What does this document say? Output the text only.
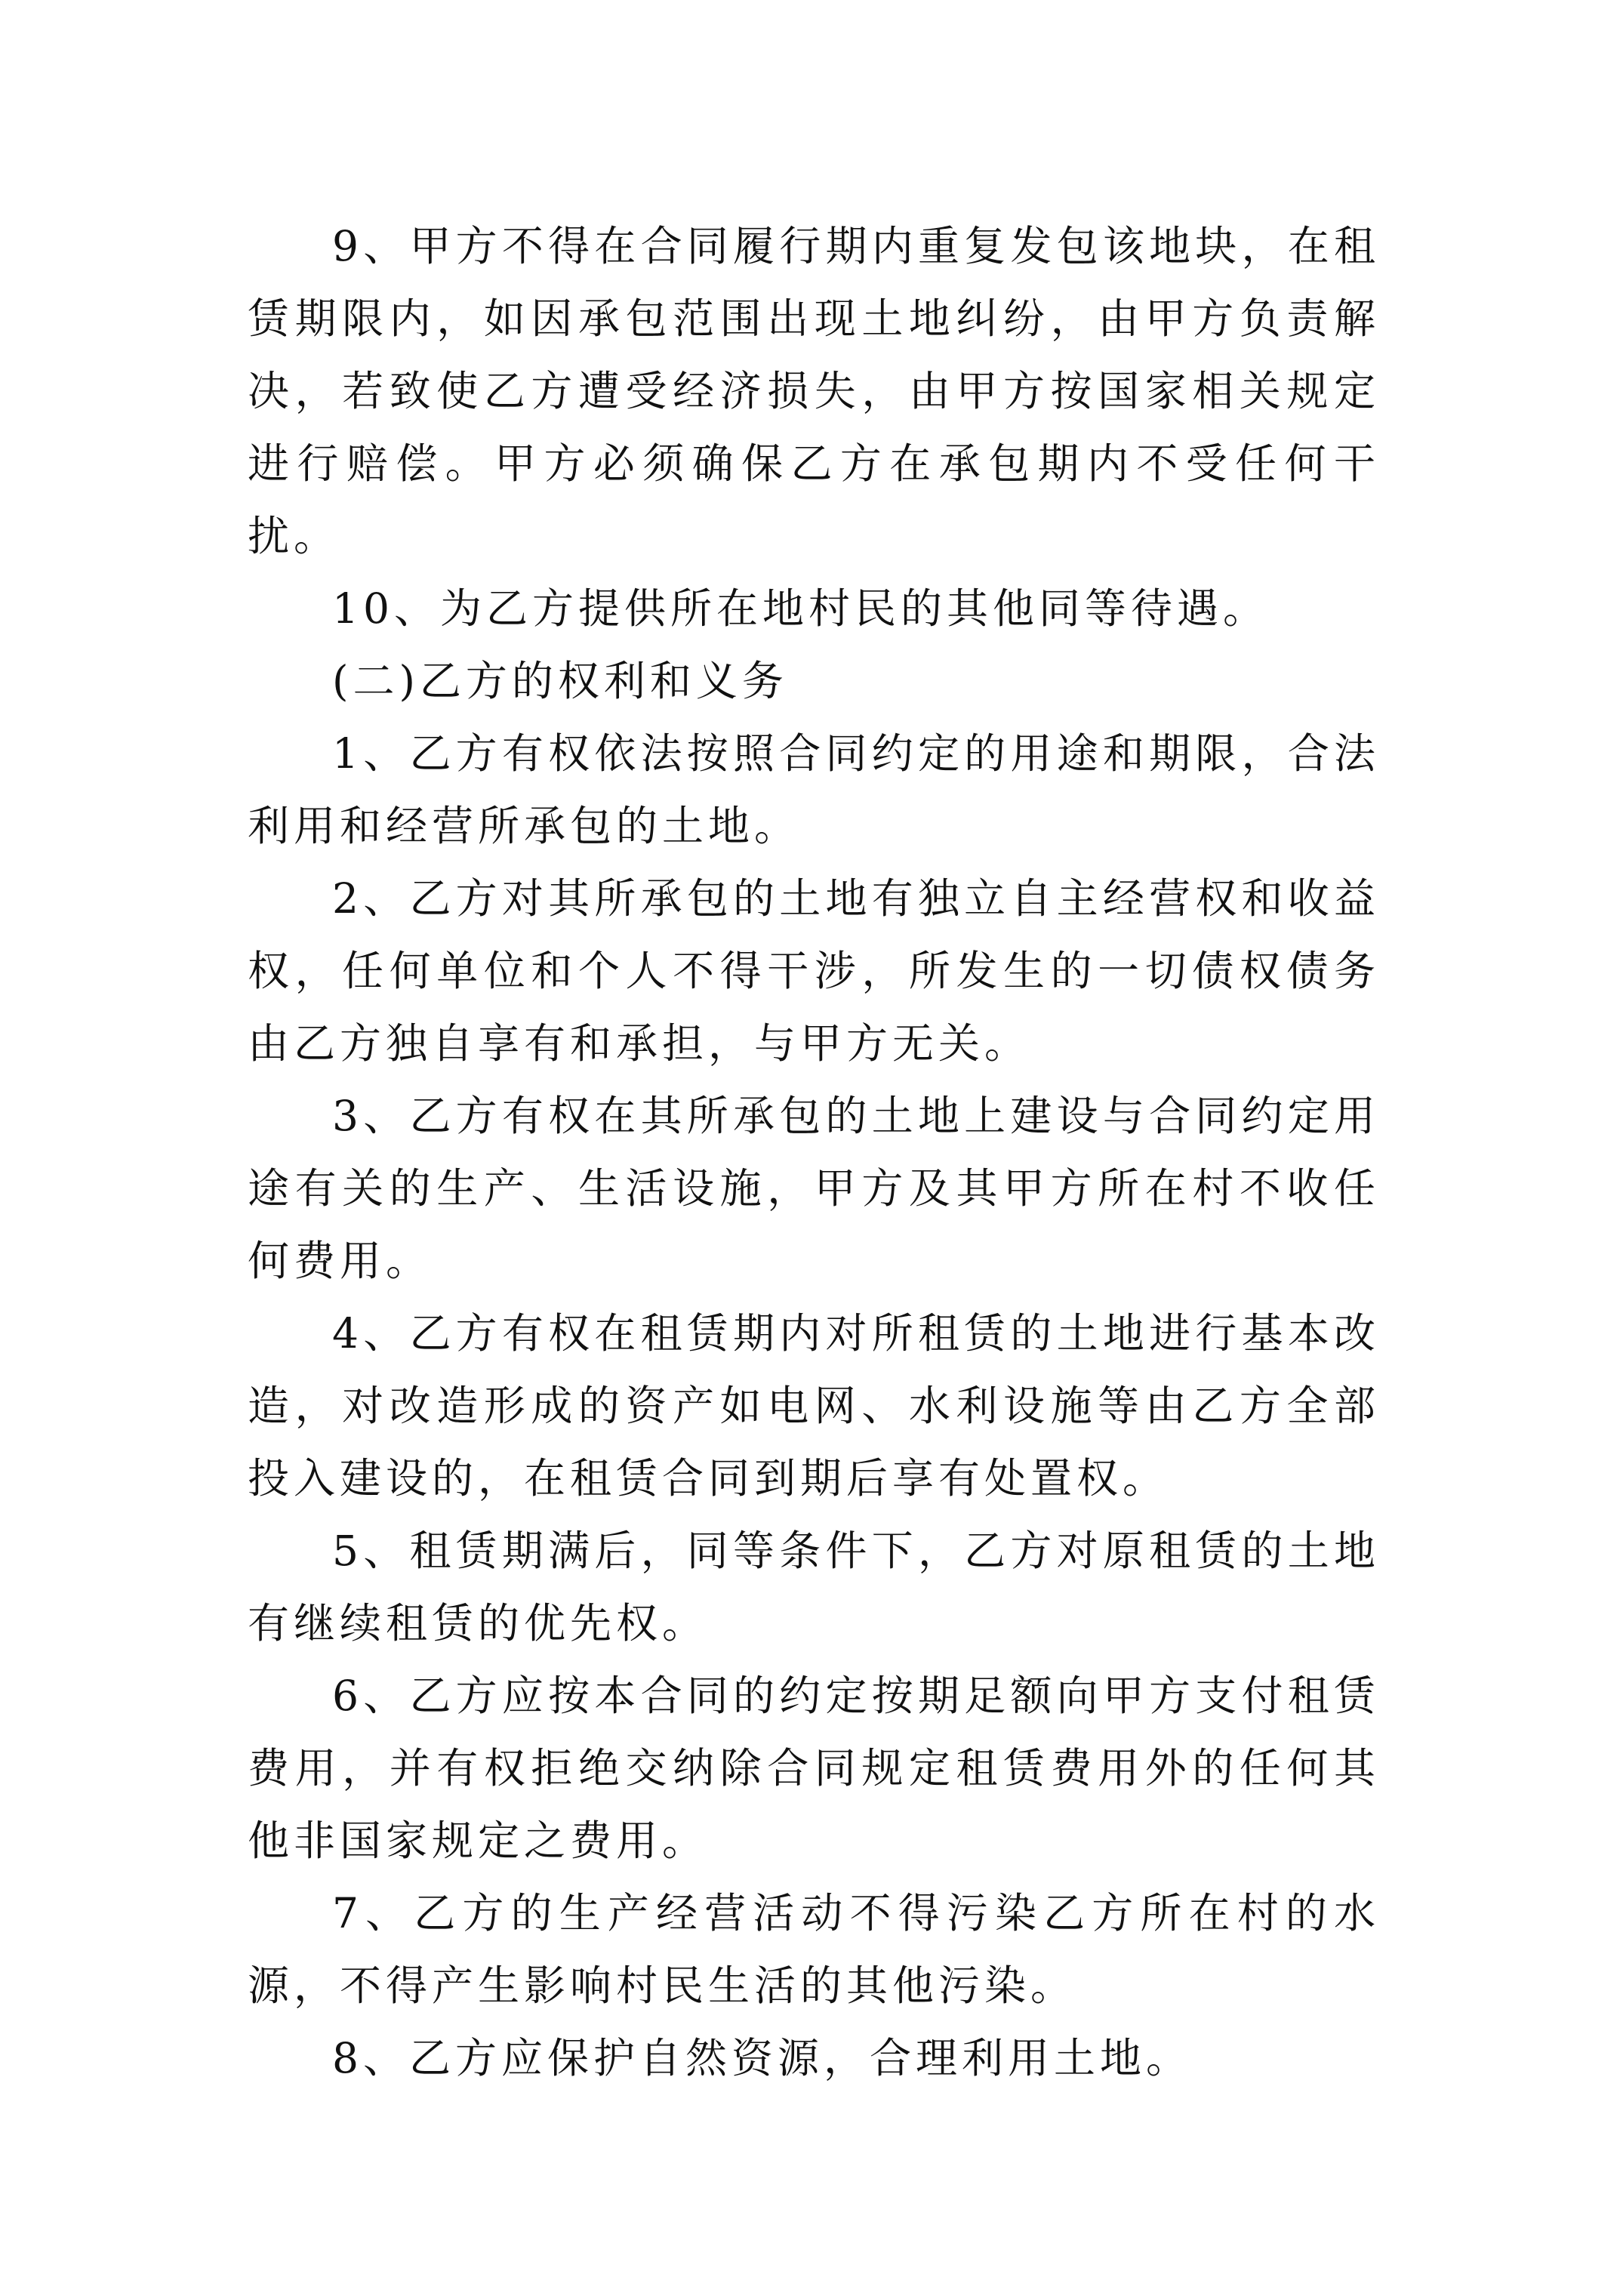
9、甲方不得在合同履行期内重复发包该地块，在租赁期限内，如因承包范围出现土地纠纷，由甲方负责解决，若致使乙方遭受经济损失，由甲方按国家相关规定进行赔偿。甲方必须确保乙方在承包期内不受任何干扰。

10、为乙方提供所在地村民的其他同等待遇。

(二)乙方的权利和义务

1、乙方有权依法按照合同约定的用途和期限，合法利用和经营所承包的土地。

2、乙方对其所承包的土地有独立自主经营权和收益权，任何单位和个人不得干涉，所发生的一切债权债务由乙方独自享有和承担，与甲方无关。

3、乙方有权在其所承包的土地上建设与合同约定用途有关的生产、生活设施，甲方及其甲方所在村不收任何费用。

4、乙方有权在租赁期内对所租赁的土地进行基本改造，对改造形成的资产如电网、水利设施等由乙方全部投入建设的，在租赁合同到期后享有处置权。

5、租赁期满后，同等条件下，乙方对原租赁的土地有继续租赁的优先权。

6、乙方应按本合同的约定按期足额向甲方支付租赁费用，并有权拒绝交纳除合同规定租赁费用外的任何其他非国家规定之费用。

7、乙方的生产经营活动不得污染乙方所在村的水源，不得产生影响村民生活的其他污染。

8、乙方应保护自然资源，合理利用土地。
